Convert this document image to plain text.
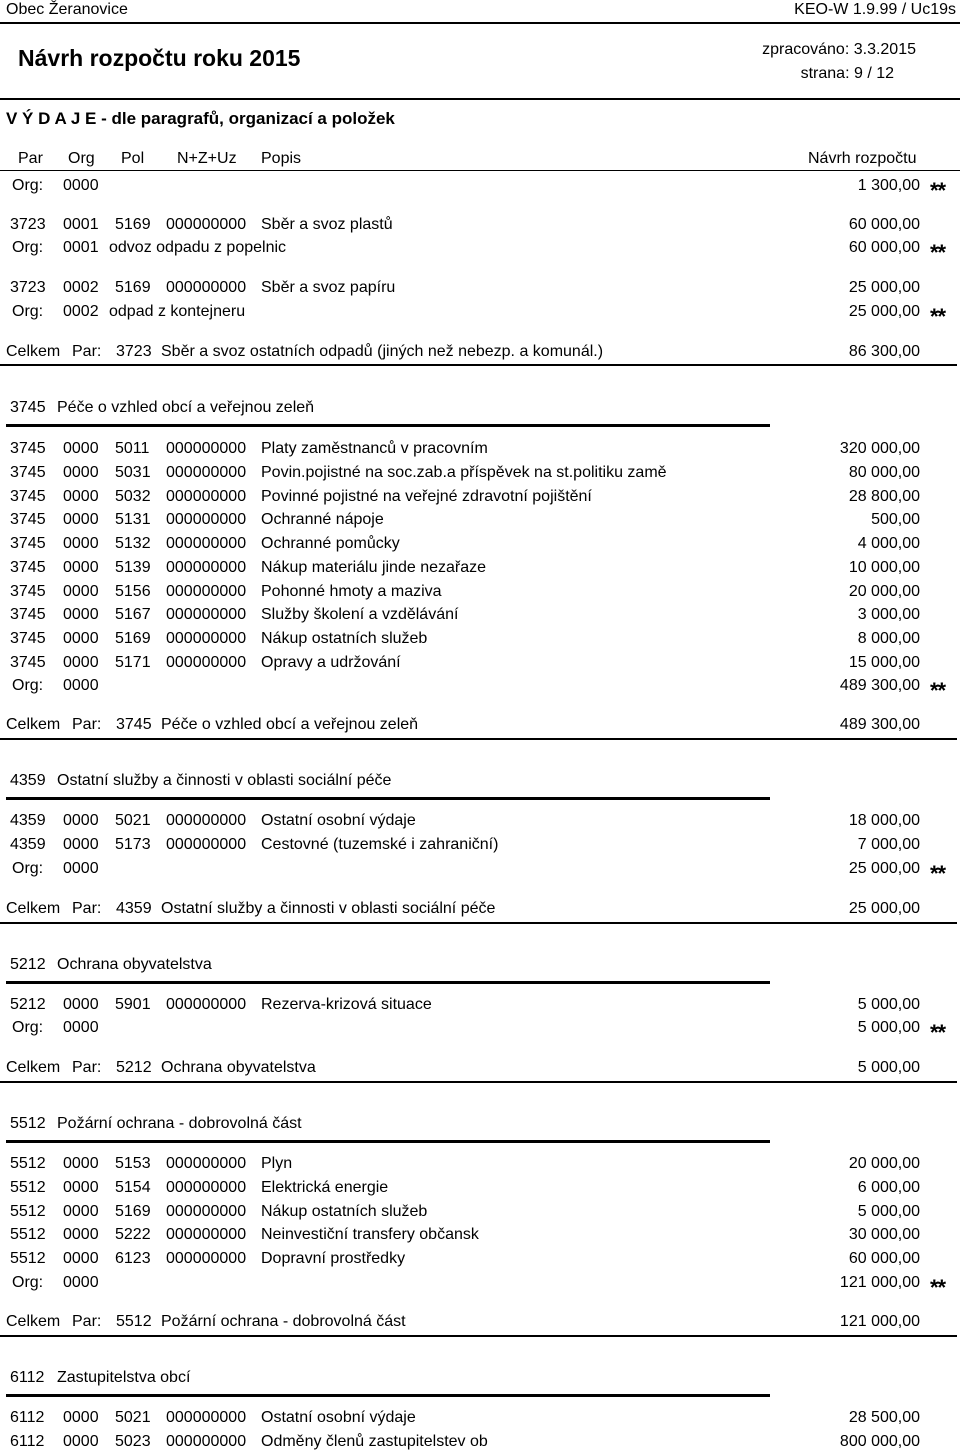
Obec Žeranovice	KEO-W 1.9.99 / Uc19s
Návrh rozpočtu roku 2015	zpracováno: 3.3.2015
strana: 9 / 12
V Ý D A J E - dle paragrafů, organizací a položek
Par Org Pol N+Z+Uz Popis	Návrh rozpočtu
Org: 0000	1 300,00 **
3723 0001 5169 000000000 Sběr a svoz plastů	60 000,00
Org: 0001 odvoz odpadu z popelnic	60 000,00 **
3723 0002 5169 000000000 Sběr a svoz papíru	25 000,00
Org: 0002 odpad z kontejneru	25 000,00 **
Celkem Par: 3723 Sběr a svoz ostatních odpadů (jiných než nebezp. a komunál.)	86 300,00
3745 Péče o vzhled obcí a veřejnou zeleň
3745 0000 5011 000000000 Platy zaměstnanců v pracovním	320 000,00
3745 0000 5031 000000000 Povin.pojistné na soc.zab.a příspěvek na st.politiku zamě	80 000,00
3745 0000 5032 000000000 Povinné pojistné na veřejné zdravotní pojištění	28 800,00
3745 0000 5131 000000000 Ochranné nápoje	500,00
3745 0000 5132 000000000 Ochranné pomůcky	4 000,00
3745 0000 5139 000000000 Nákup materiálu jinde nezařaze	10 000,00
3745 0000 5156 000000000 Pohonné hmoty a maziva	20 000,00
3745 0000 5167 000000000 Služby školení a vzdělávání	3 000,00
3745 0000 5169 000000000 Nákup ostatních služeb	8 000,00
3745 0000 5171 000000000 Opravy a udržování	15 000,00
Org: 0000	489 300,00 **
Celkem Par: 3745 Péče o vzhled obcí a veřejnou zeleň	489 300,00
4359 Ostatní služby a činnosti v oblasti sociální péče
4359 0000 5021 000000000 Ostatní osobní výdaje	18 000,00
4359 0000 5173 000000000 Cestovné (tuzemské i zahraniční)	7 000,00
Org: 0000	25 000,00 **
Celkem Par: 4359 Ostatní služby a činnosti v oblasti sociální péče	25 000,00
5212 Ochrana obyvatelstva
5212 0000 5901 000000000 Rezerva-krizová situace	5 000,00
Org: 0000	5 000,00 **
Celkem Par: 5212 Ochrana obyvatelstva	5 000,00
5512 Požární ochrana - dobrovolná část
5512 0000 5153 000000000 Plyn	20 000,00
5512 0000 5154 000000000 Elektrická energie	6 000,00
5512 0000 5169 000000000 Nákup ostatních služeb	5 000,00
5512 0000 5222 000000000 Neinvestiční transfery občansk	30 000,00
5512 0000 6123 000000000 Dopravní prostředky	60 000,00
Org: 0000	121 000,00 **
Celkem Par: 5512 Požární ochrana - dobrovolná část	121 000,00
6112 Zastupitelstva obcí
6112 0000 5021 000000000 Ostatní osobní výdaje	28 500,00
6112 0000 5023 000000000 Odměny členů zastupitelstev ob	800 000,00
